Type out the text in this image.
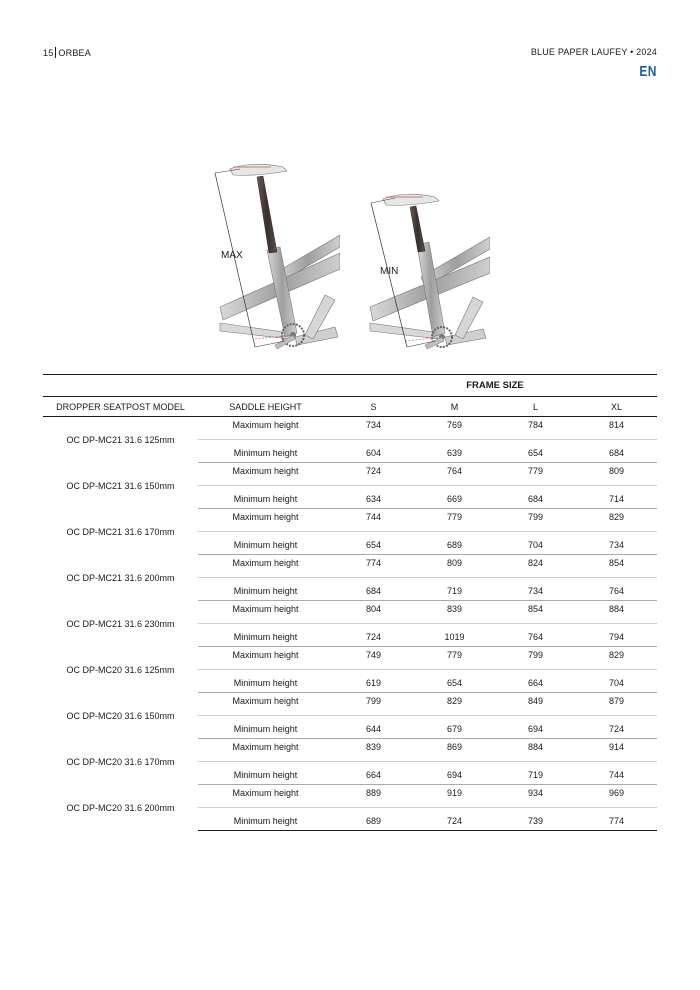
15 ORBEA	BLUE PAPER LAUFEY • 2024
EN
MAX
MIN
		FRAME SIZE			
DROPPER SEATPOST MODEL	SADDLE HEIGHT	S	M	L	XL
OC DP-MC21 31.6 125mm	Maximum height	734	769	784	814
	Minimum height	604	639	654	684
OC DP-MC21 31.6 150mm	Maximum height	724	764	779	809
	Minimum height	634	669	684	714
OC DP-MC21 31.6 170mm	Maximum height	744	779	799	829
	Minimum height	654	689	704	734
OC DP-MC21 31.6 200mm	Maximum height	774	809	824	854
	Minimum height	684	719	734	764
OC DP-MC21 31.6 230mm	Maximum height	804	839	854	884
	Minimum height	724	1019	764	794
OC DP-MC20 31.6 125mm	Maximum height	749	779	799	829
	Minimum height	619	654	664	704
OC DP-MC20 31.6 150mm	Maximum height	799	829	849	879
	Minimum height	644	679	694	724
OC DP-MC20 31.6 170mm	Maximum height	839	869	884	914
	Minimum height	664	694	719	744
OC DP-MC20 31.6 200mm	Maximum height	889	919	934	969
	Minimum height	689	724	739	774
